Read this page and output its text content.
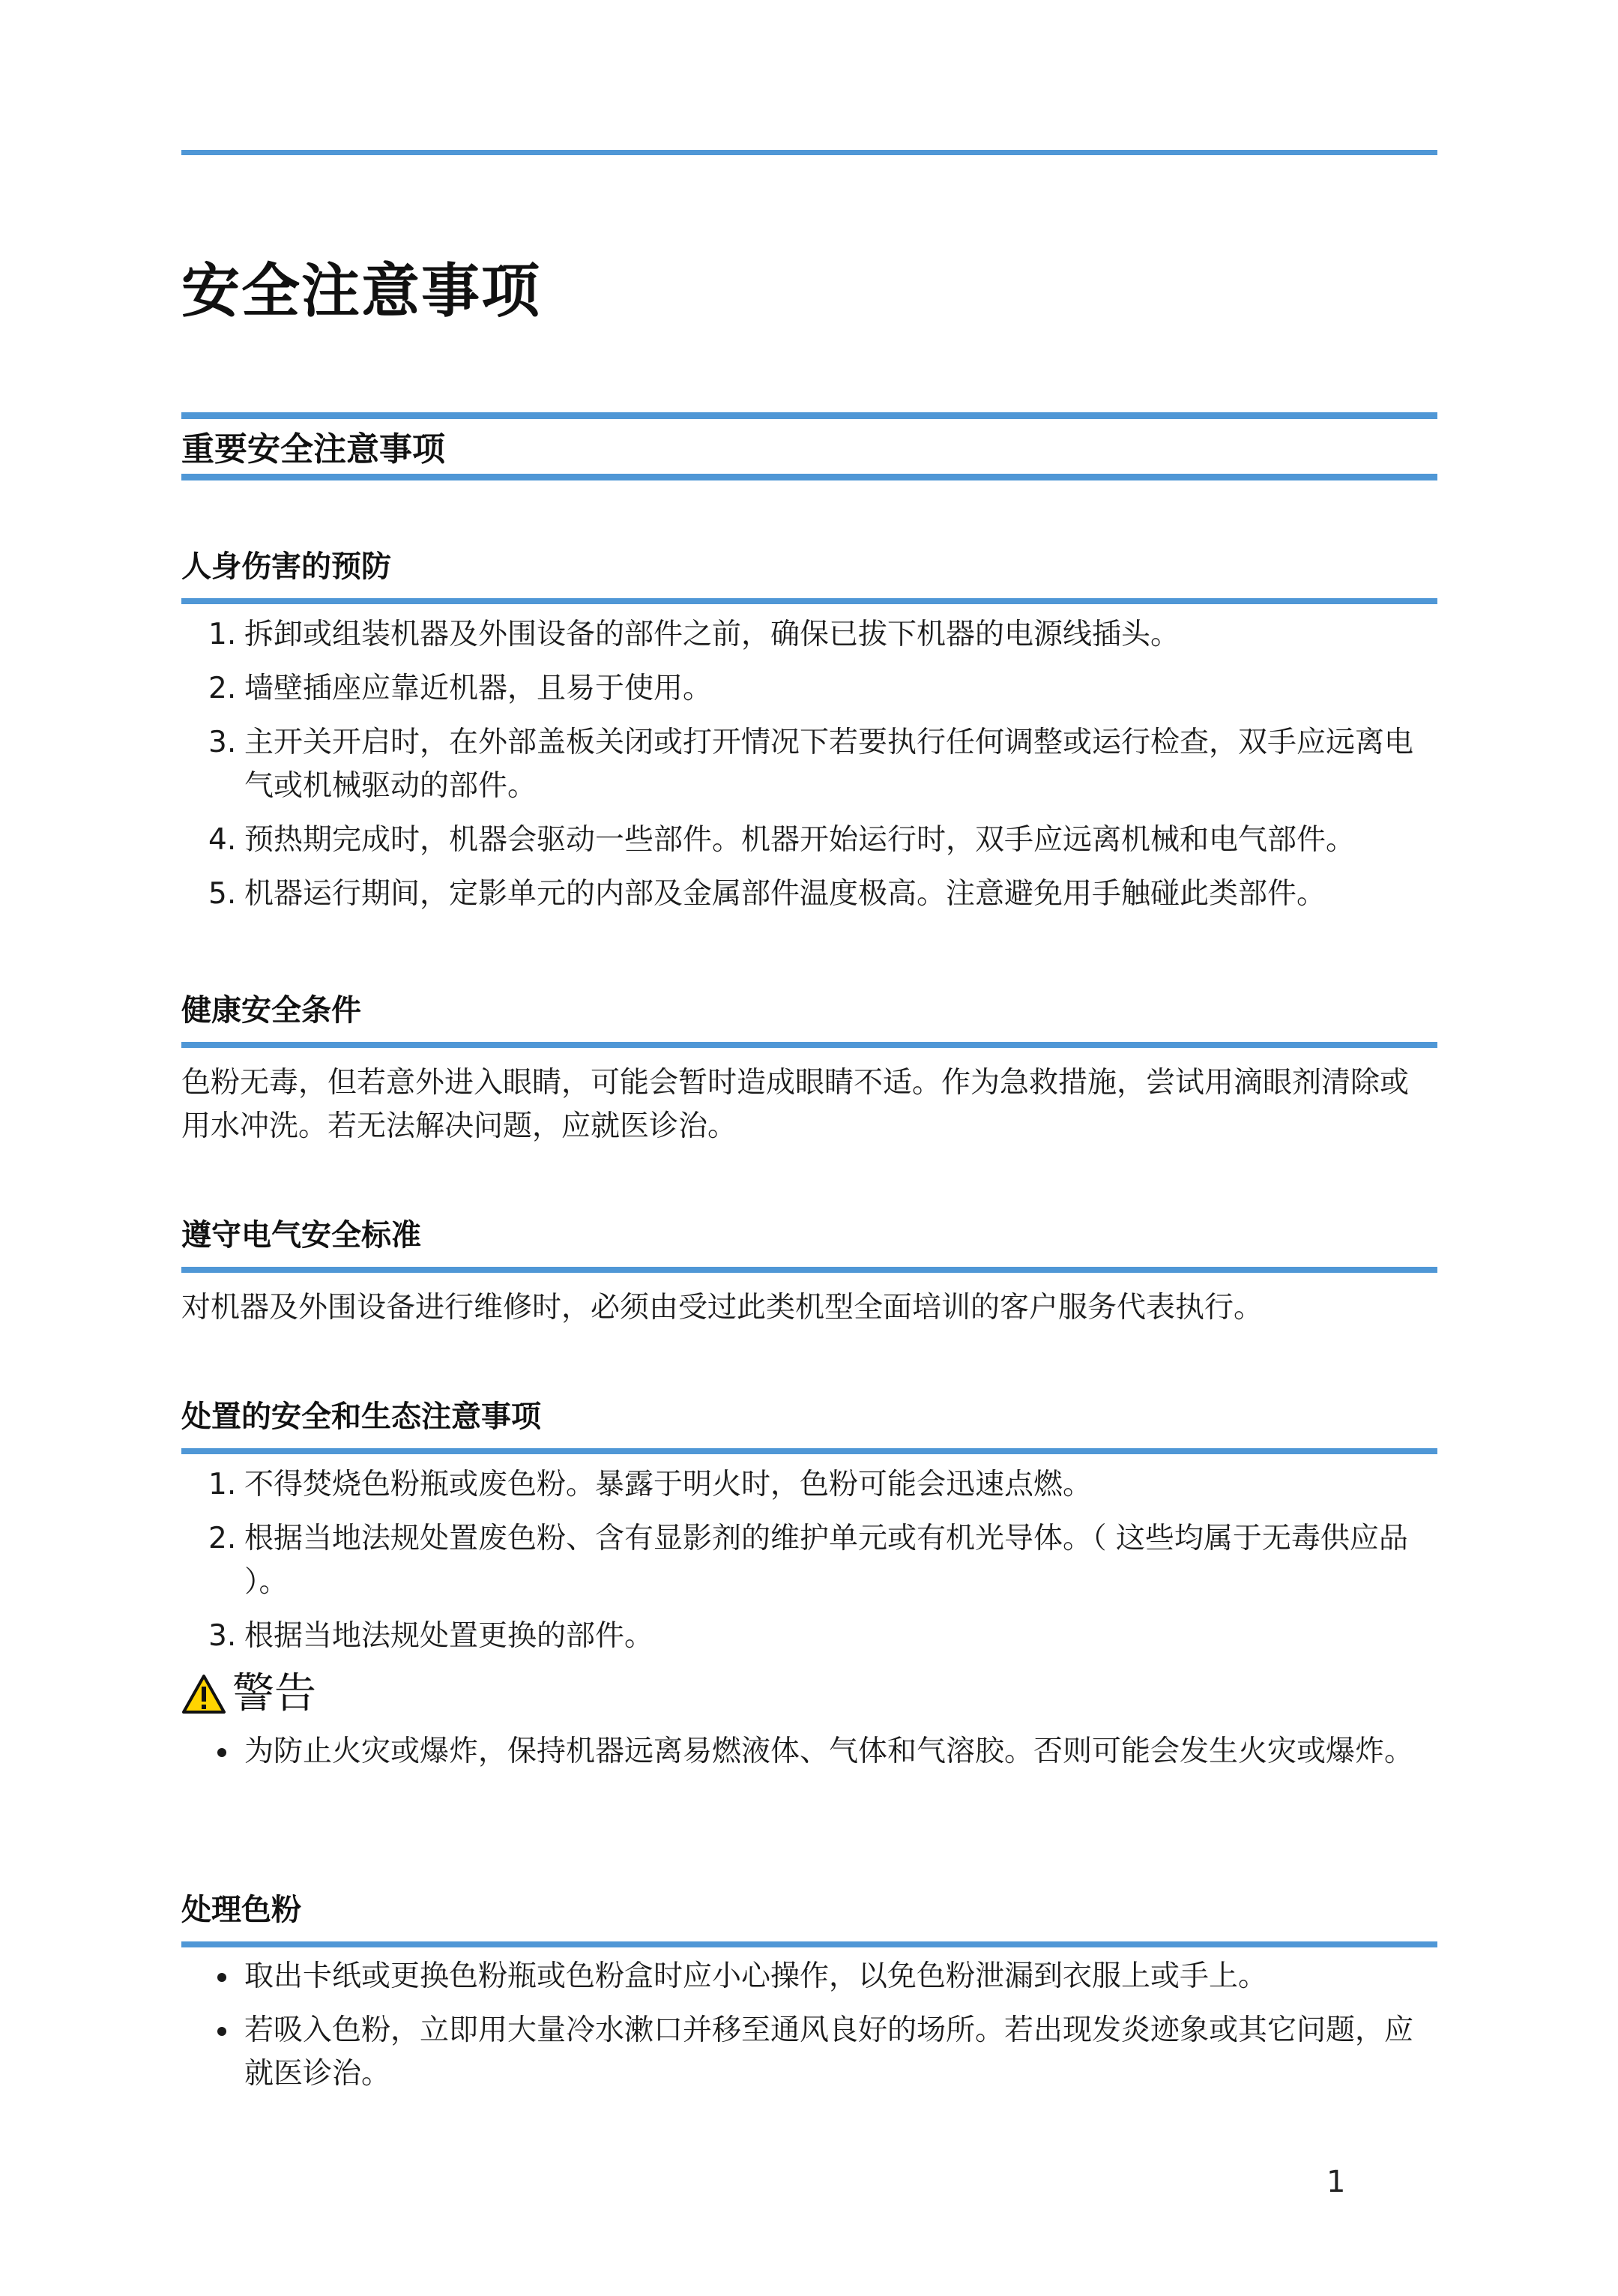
安全注意事项
重要安全注意事项
人身伤害的预防
1. 拆卸或组装机器及外围设备的部件之前，确保已拔下机器的电源线插头。
2. 墙壁插座应靠近机器，且易于使用。
3. 主开关开启时，在外部盖板关闭或打开情况下若要执行任何调整或运行检查，双手应远离电气或机械驱动的部件。
4. 预热期完成时，机器会驱动一些部件。机器开始运行时，双手应远离机械和电气部件。
5. 机器运行期间，定影单元的内部及金属部件温度极高。注意避免用手触碰此类部件。
健康安全条件

色粉无毒，但若意外进入眼睛，可能会暂时造成眼睛不适。作为急救措施，尝试用滴眼剂清除或用水冲洗。若无法解决问题，应就医诊治。

遵守电气安全标准

对机器及外围设备进行维修时，必须由受过此类机型全面培训的客户服务代表执行。

处置的安全和生态注意事项
1. 不得焚烧色粉瓶或废色粉。暴露于明火时，色粉可能会迅速点燃。
2. 根据当地法规处置废色粉、含有显影剂的维护单元或有机光导体。（ 这些均属于无毒供应品 ）。
3. 根据当地法规处置更换的部件。
警告
为防止火灾或爆炸，保持机器远离易燃液体、气体和气溶胶。否则可能会发生火灾或爆炸。
处理色粉
取出卡纸或更换色粉瓶或色粉盒时应小心操作，以免色粉泄漏到衣服上或手上。
若吸入色粉，立即用大量冷水漱口并移至通风良好的场所。若出现发炎迹象或其它问题，应就医诊治。
1
